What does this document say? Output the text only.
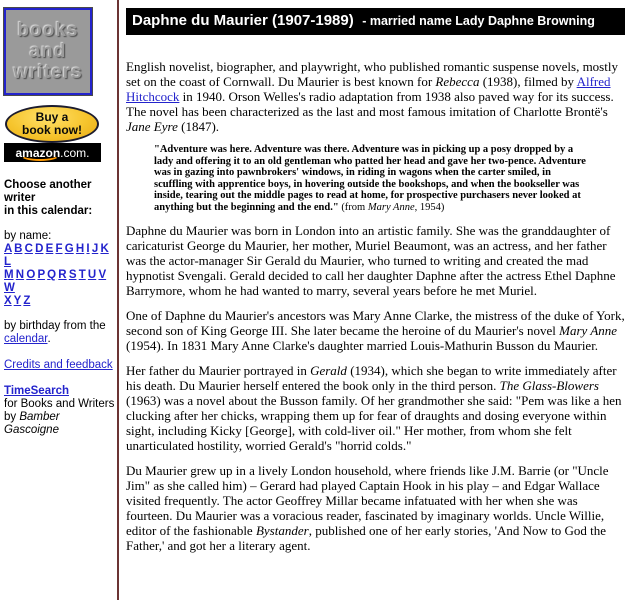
books
and
writers
Buy a
book now!
amazon .com.
Choose another writer
in this calendar:
by name:
A B C D E F G H I J K L
M N O P Q R S T U V W
X Y Z
by birthday from the
calendar.
Credits and feedback
TimeSearch
for Books and Writers
by Bamber Gascoigne
Daphne du Maurier (1907-1989) - married name Lady Daphne Browning

English novelist, biographer, and playwright, who published romantic suspense novels, mostly set on the coast of Cornwall. Du Maurier is best known for Rebecca (1938), filmed by Alfred Hitchcock in 1940. Orson Welles's radio adaptation from 1938 also paved way for its success. The novel has been characterized as the last and most famous imitation of Charlotte Brontë's Jane Eyre (1847).

"Adventure was here. Adventure was there. Adventure was in picking up a posy dropped by a lady and offering it to an old gentleman who patted her head and gave her two-pence. Adventure was in gazing into pawnbrokers' windows, in riding in wagons when the carter smiled, in scuffling with apprentice boys, in hovering outside the bookshops, and when the bookseller was inside, tearing out the middle pages to read at home, for prospective purchasers never looked at anything but the beginning and the end." (from Mary Anne, 1954)

Daphne du Maurier was born in London into an artistic family. She was the granddaughter of caricaturist George du Maurier, her mother, Muriel Beaumont, was an actress, and her father was the actor-manager Sir Gerald du Maurier, who turned to writing and created the mad hypnotist Svengali. Gerald decided to call her daughter Daphne after the actress Ethel Daphne Barrymore, whom he had wanted to marry, several years before he met Muriel.

One of Daphne du Maurier's ancestors was Mary Anne Clarke, the mistress of the duke of York, second son of King George III. She later became the heroine of du Maurier's novel Mary Anne (1954). In 1831 Mary Anne Clarke's daughter married Louis-Mathurin Busson du Maurier.

Her father du Maurier portrayed in Gerald (1934), which she began to write immediately after his death. Du Maurier herself entered the book only in the third person. The Glass-Blowers (1963) was a novel about the Busson family. Of her grandmother she said: "Pem was like a hen clucking after her chicks, wrapping them up for fear of draughts and dosing everyone within sight, including Kicky [George], with cold-liver oil." Her mother, from whom she felt unarticulated hostility, worried Gerald's "horrid colds."

Du Maurier grew up in a lively London household, where friends like J.M. Barrie (or "Uncle Jim" as she called him) – Gerard had played Captain Hook in his play – and Edgar Wallace visited frequently. The actor Geoffrey Millar became infatuated with her when she was fourteen. Du Maurier was a voracious reader, fascinated by imaginary worlds. Uncle Willie, editor of the fashionable Bystander, published one of her early stories, 'And Now to God the Father,' and got her a literary agent.
